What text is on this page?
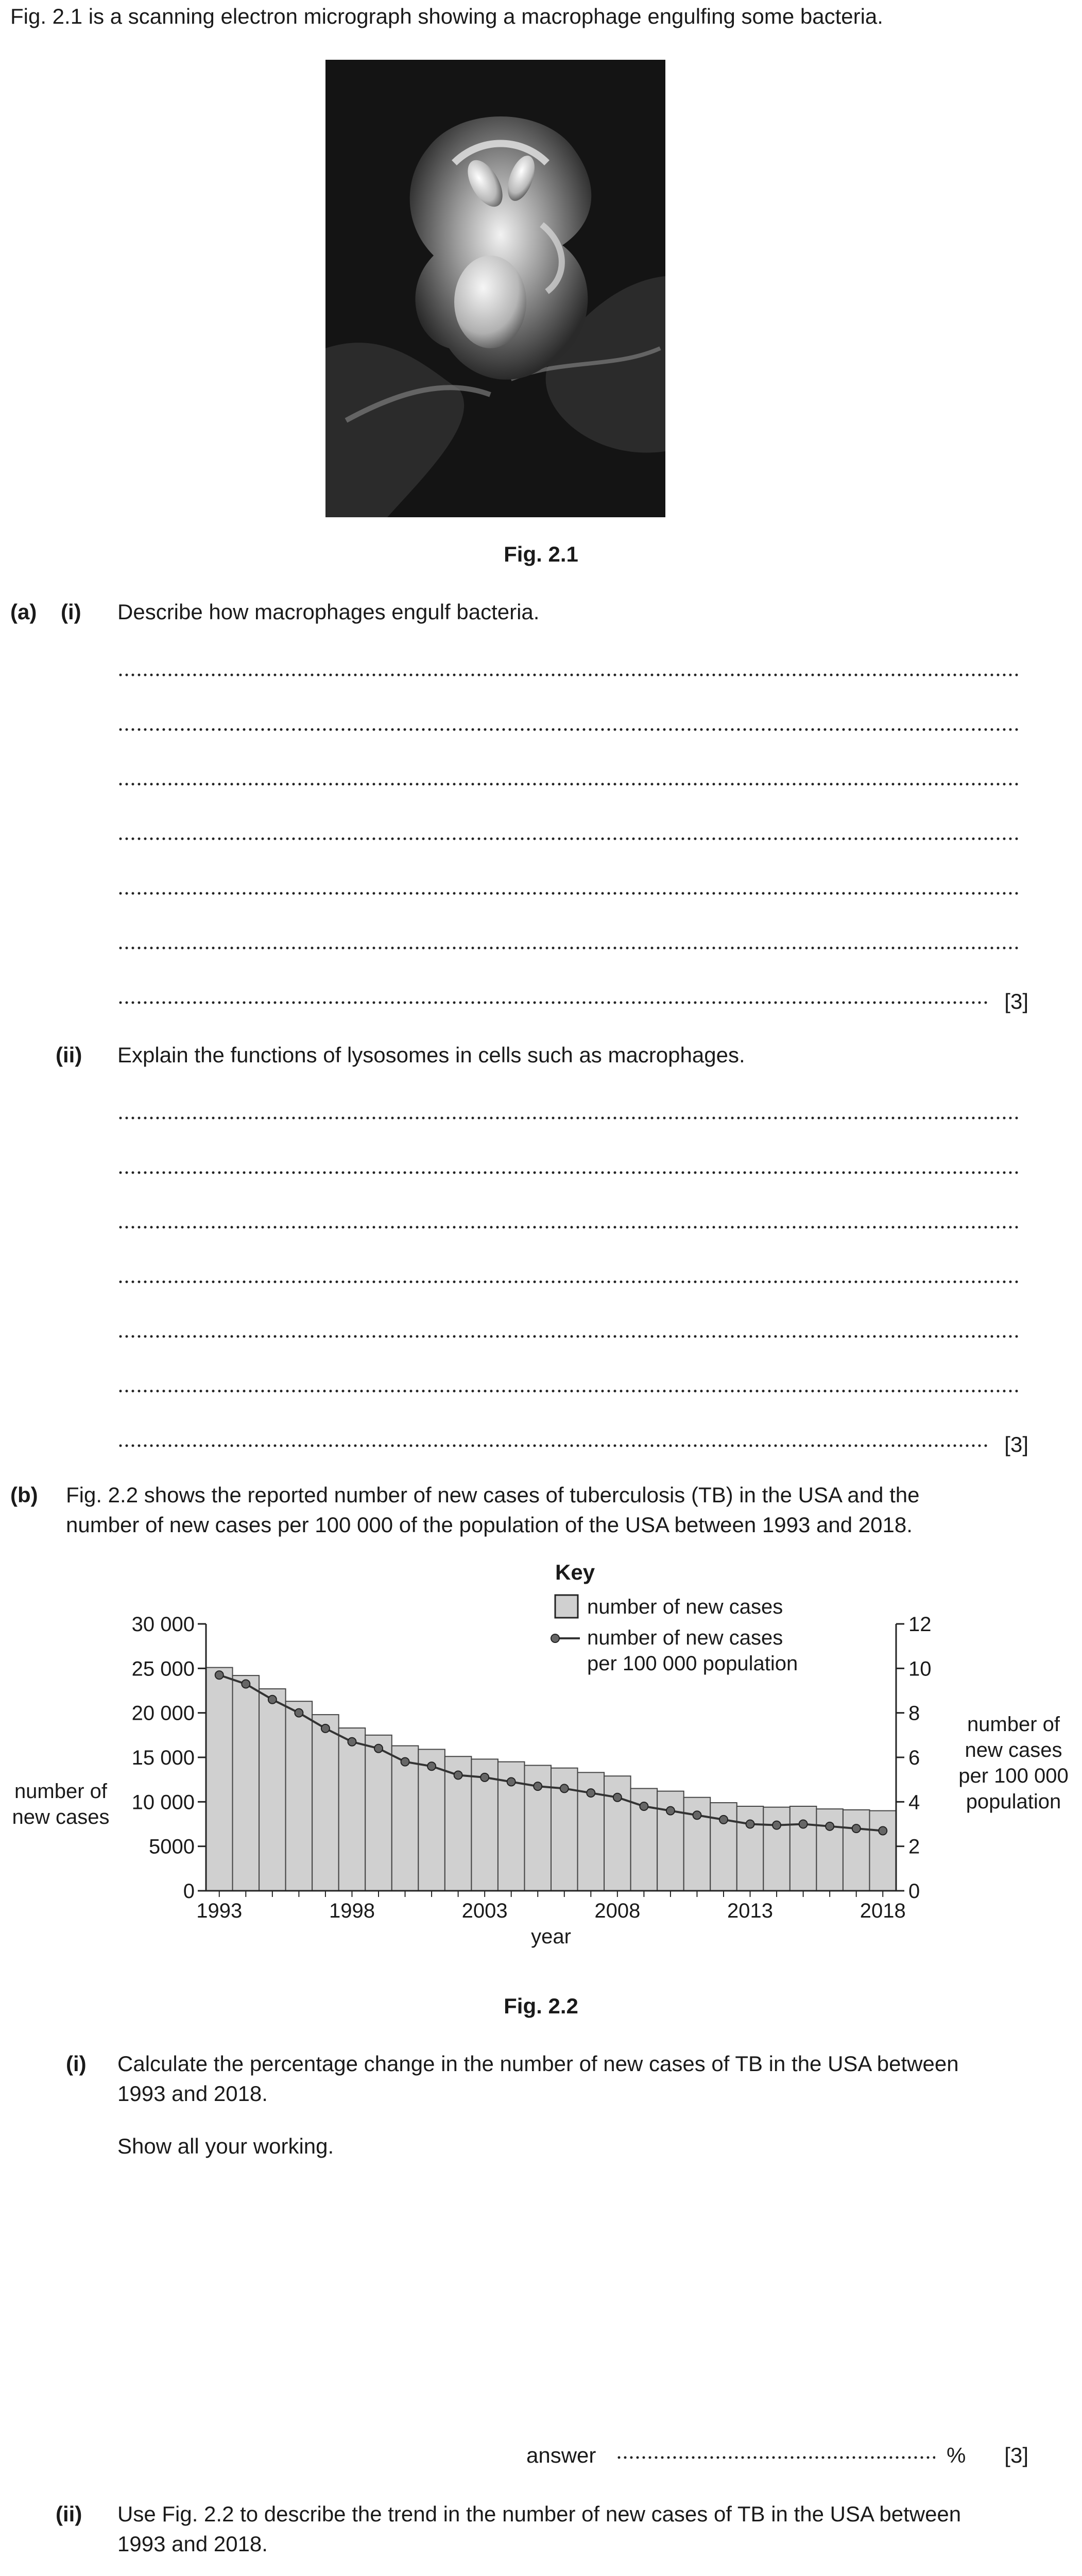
Fig. 2.1 is a scanning electron micrograph showing a macrophage engulfing some bacteria.
Fig. 2.1
(a) (i) Describe how macrophages engulf bacteria.
[3]
(ii) Explain the functions of lysosomes in cells such as macrophages.
[3]
(b) Fig. 2.2 shows the reported number of new cases of tuberculosis (TB) in the USA and the
number of new cases per 100 000 of the population of the USA between 1993 and 2018.
0
5000
10 000
15 000
20 000
25 000
30 000
0
2
4
6
8
10
12
1993	1998	2003	2008	2013	2018
year
number of
new cases
number of
new cases
per 100 000
population
Key
number of new cases
number of new cases
per 100 000 population
Fig. 2.2
(i) Calculate the percentage change in the number of new cases of TB in the USA between
1993 and 2018.
Show all your working.
answer	% [3]
(ii) Use Fig. 2.2 to describe the trend in the number of new cases of TB in the USA between
1993 and 2018.
